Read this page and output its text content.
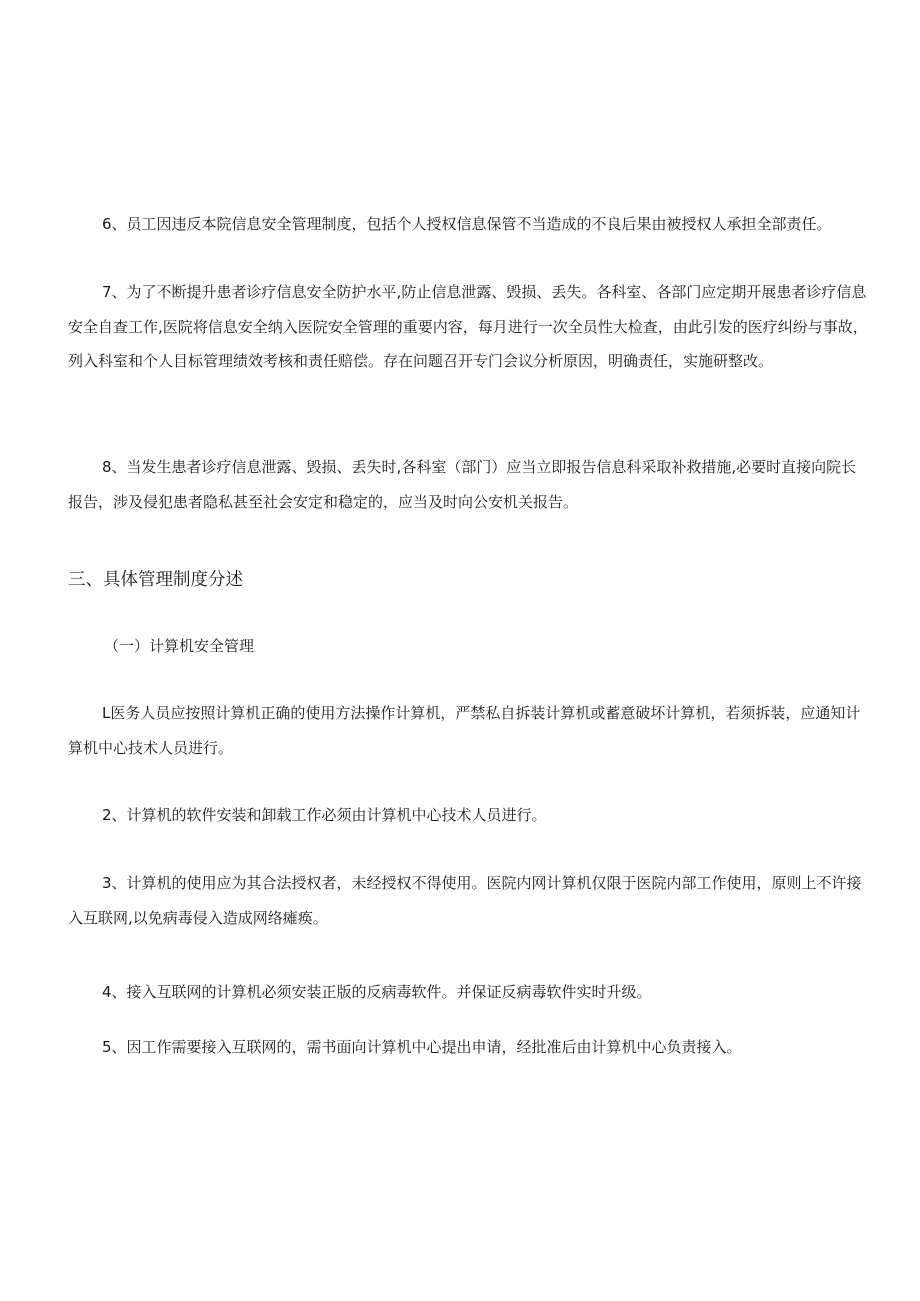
6、员工因违反本院信息安全管理制度，包括个人授权信息保管不当造成的不良后果由被授权人承担全部责任。

7、为了不断提升患者诊疗信息安全防护水平,防止信息泄露、毁损、丢失。各科室、各部门应定期开展患者诊疗信息安全自查工作,医院将信息安全纳入医院安全管理的重要内容，每月进行一次全员性大检查，由此引发的医疗纠纷与事故，列入科室和个人目标管理绩效考核和责任赔偿。存在问题召开专门会议分析原因，明确责任，实施研整改。

8、当发生患者诊疗信息泄露、毁损、丢失时,各科室（部门）应当立即报告信息科采取补救措施,必要时直接向院长报告，涉及侵犯患者隐私甚至社会安定和稳定的，应当及时向公安机关报告。

三、具体管理制度分述
（一）计算机安全管理

L医务人员应按照计算机正确的使用方法操作计算机，严禁私自拆装计算机或蓄意破坏计算机，若须拆装，应通知计算机中心技术人员进行。

2、计算机的软件安装和卸载工作必须由计算机中心技术人员进行。

3、计算机的使用应为其合法授权者，未经授权不得使用。医院内网计算机仅限于医院内部工作使用，原则上不许接入互联网,以免病毒侵入造成网络瘫痪。

4、接入互联网的计算机必须安装正版的反病毒软件。并保证反病毒软件实时升级。

5、因工作需要接入互联网的，需书面向计算机中心提出申请，经批准后由计算机中心负责接入。
